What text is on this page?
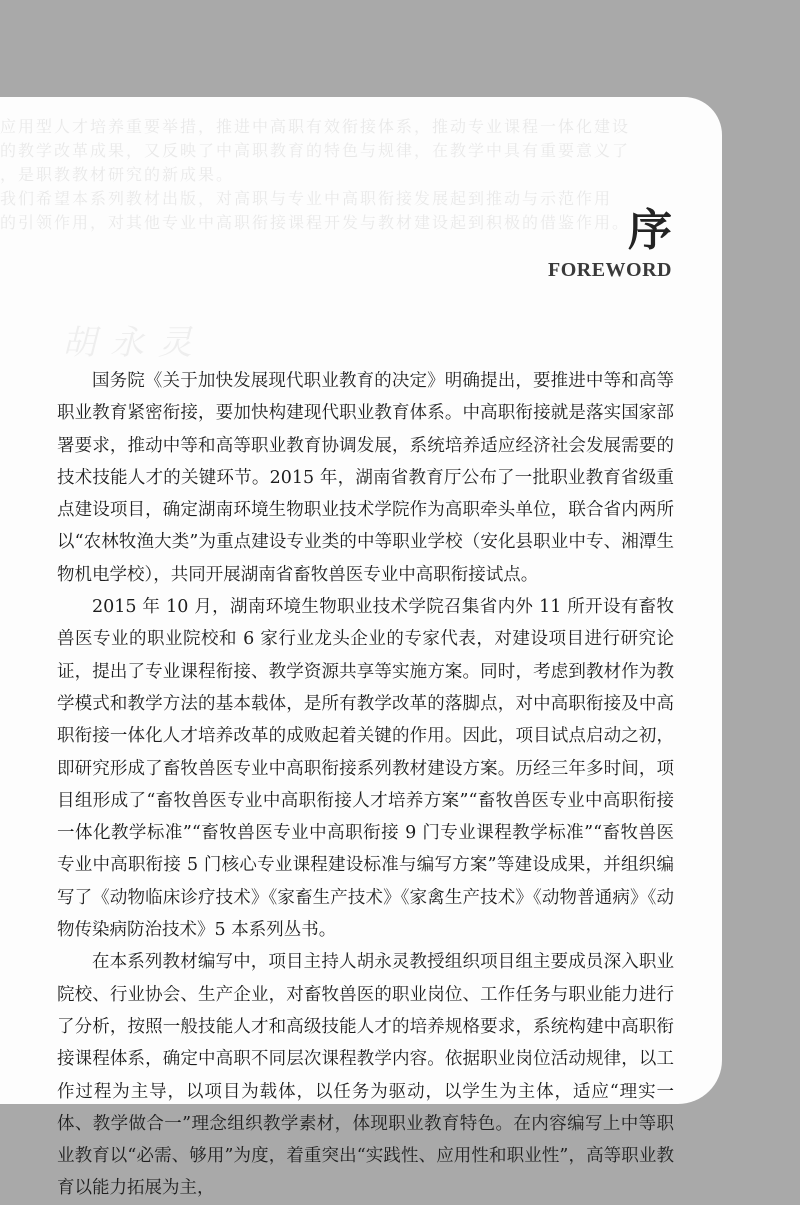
应用型人才培养重要举措，推进中高职有效衔接体系，推动专业课程一体化建设

的教学改革成果，又反映了中高职教育的特色与规律，在教学中具有重要意义了

，是职教教材研究的新成果。

我们希望本系列教材出版，对高职与专业中高职衔接发展起到推动与示范作用

的引领作用，对其他专业中高职衔接课程开发与教材建设起到积极的借鉴作用。

胡永灵
序
FOREWORD

国务院《关于加快发展现代职业教育的决定》明确提出，要推进中等和高等职业教育紧密衔接，要加快构建现代职业教育体系。中高职衔接就是落实国家部署要求，推动中等和高等职业教育协调发展，系统培养适应经济社会发展需要的技术技能人才的关键环节。2015 年，湖南省教育厅公布了一批职业教育省级重点建设项目，确定湖南环境生物职业技术学院作为高职牵头单位，联合省内两所以“农林牧渔大类”为重点建设专业类的中等职业学校（安化县职业中专、湘潭生物机电学校），共同开展湖南省畜牧兽医专业中高职衔接试点。

2015 年 10 月，湖南环境生物职业技术学院召集省内外 11 所开设有畜牧兽医专业的职业院校和 6 家行业龙头企业的专家代表，对建设项目进行研究论证，提出了专业课程衔接、教学资源共享等实施方案。同时，考虑到教材作为教学模式和教学方法的基本载体，是所有教学改革的落脚点，对中高职衔接及中高职衔接一体化人才培养改革的成败起着关键的作用。因此，项目试点启动之初，即研究形成了畜牧兽医专业中高职衔接系列教材建设方案。历经三年多时间，项目组形成了“畜牧兽医专业中高职衔接人才培养方案”“畜牧兽医专业中高职衔接一体化教学标准”“畜牧兽医专业中高职衔接 9 门专业课程教学标准”“畜牧兽医专业中高职衔接 5 门核心专业课程建设标准与编写方案”等建设成果，并组织编写了《动物临床诊疗技术》《家畜生产技术》《家禽生产技术》《动物普通病》《动物传染病防治技术》5 本系列丛书。

在本系列教材编写中，项目主持人胡永灵教授组织项目组主要成员深入职业院校、行业协会、生产企业，对畜牧兽医的职业岗位、工作任务与职业能力进行了分析，按照一般技能人才和高级技能人才的培养规格要求，系统构建中高职衔接课程体系，确定中高职不同层次课程教学内容。依据职业岗位活动规律，以工作过程为主导，以项目为载体，以任务为驱动，以学生为主体，适应“理实一体、教学做合一”理念组织教学素材，体现职业教育特色。在内容编写上中等职业教育以“必需、够用”为度，着重突出“实践性、应用性和职业性”，高等职业教育以能力拓展为主，
